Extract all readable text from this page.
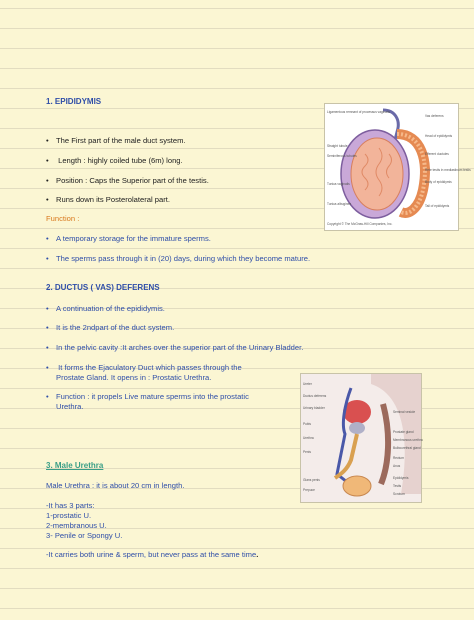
1. EPIDIDYMIS
• The First part of the male duct system.
• Length : highly coiled tube (6m) long.
• Position : Caps the Superior part of the testis.
• Runs down its Posterolateral part.
Function :
• A temporary storage for the immature sperms.
• The sperms pass through it in (20) days, during which they become mature.
2. DUCTUS ( VAS) DEFERENS
• A continuation of the epididymis.
• It is the 2ndpart of the duct system.
• In the pelvic cavity :It arches over the superior part of the Urinary Bladder.
• It forms the Ejaculatory Duct which passes through the
Prostate Gland. It opens in : Prostatic Urethra.
• Function : it propels Live mature sperms into the prostatic
Urethra.
3. Male Urethra
Male Urethra : it is about 20 cm in length.
-It has 3 parts:
1-prostatic U.
2-membranous U.
3- Penile or Spongy U.
-It carries both urine & sperm, but never pass at the same time.
Ligamentous remnant of processus vaginalis
Straight tubule
Seminiferous tubules
Tunica vaginalis
Tunica albuginea
Vas deferens
Head of epididymis
Efferent ductules
Rete testis in mediastinum testis
Body of epididymis
Tail of epididymis
Copyright © The McGraw-Hill Companies, Inc.
Ureter
Ductus deferens
Urinary bladder
Pubis
Urethra
Penis
Glans penis
Prepuce
Seminal vesicle
Prostate gland
Membranous urethra
Bulbourethral gland
Rectum
Anus
Epididymis
Testis
Scrotum
